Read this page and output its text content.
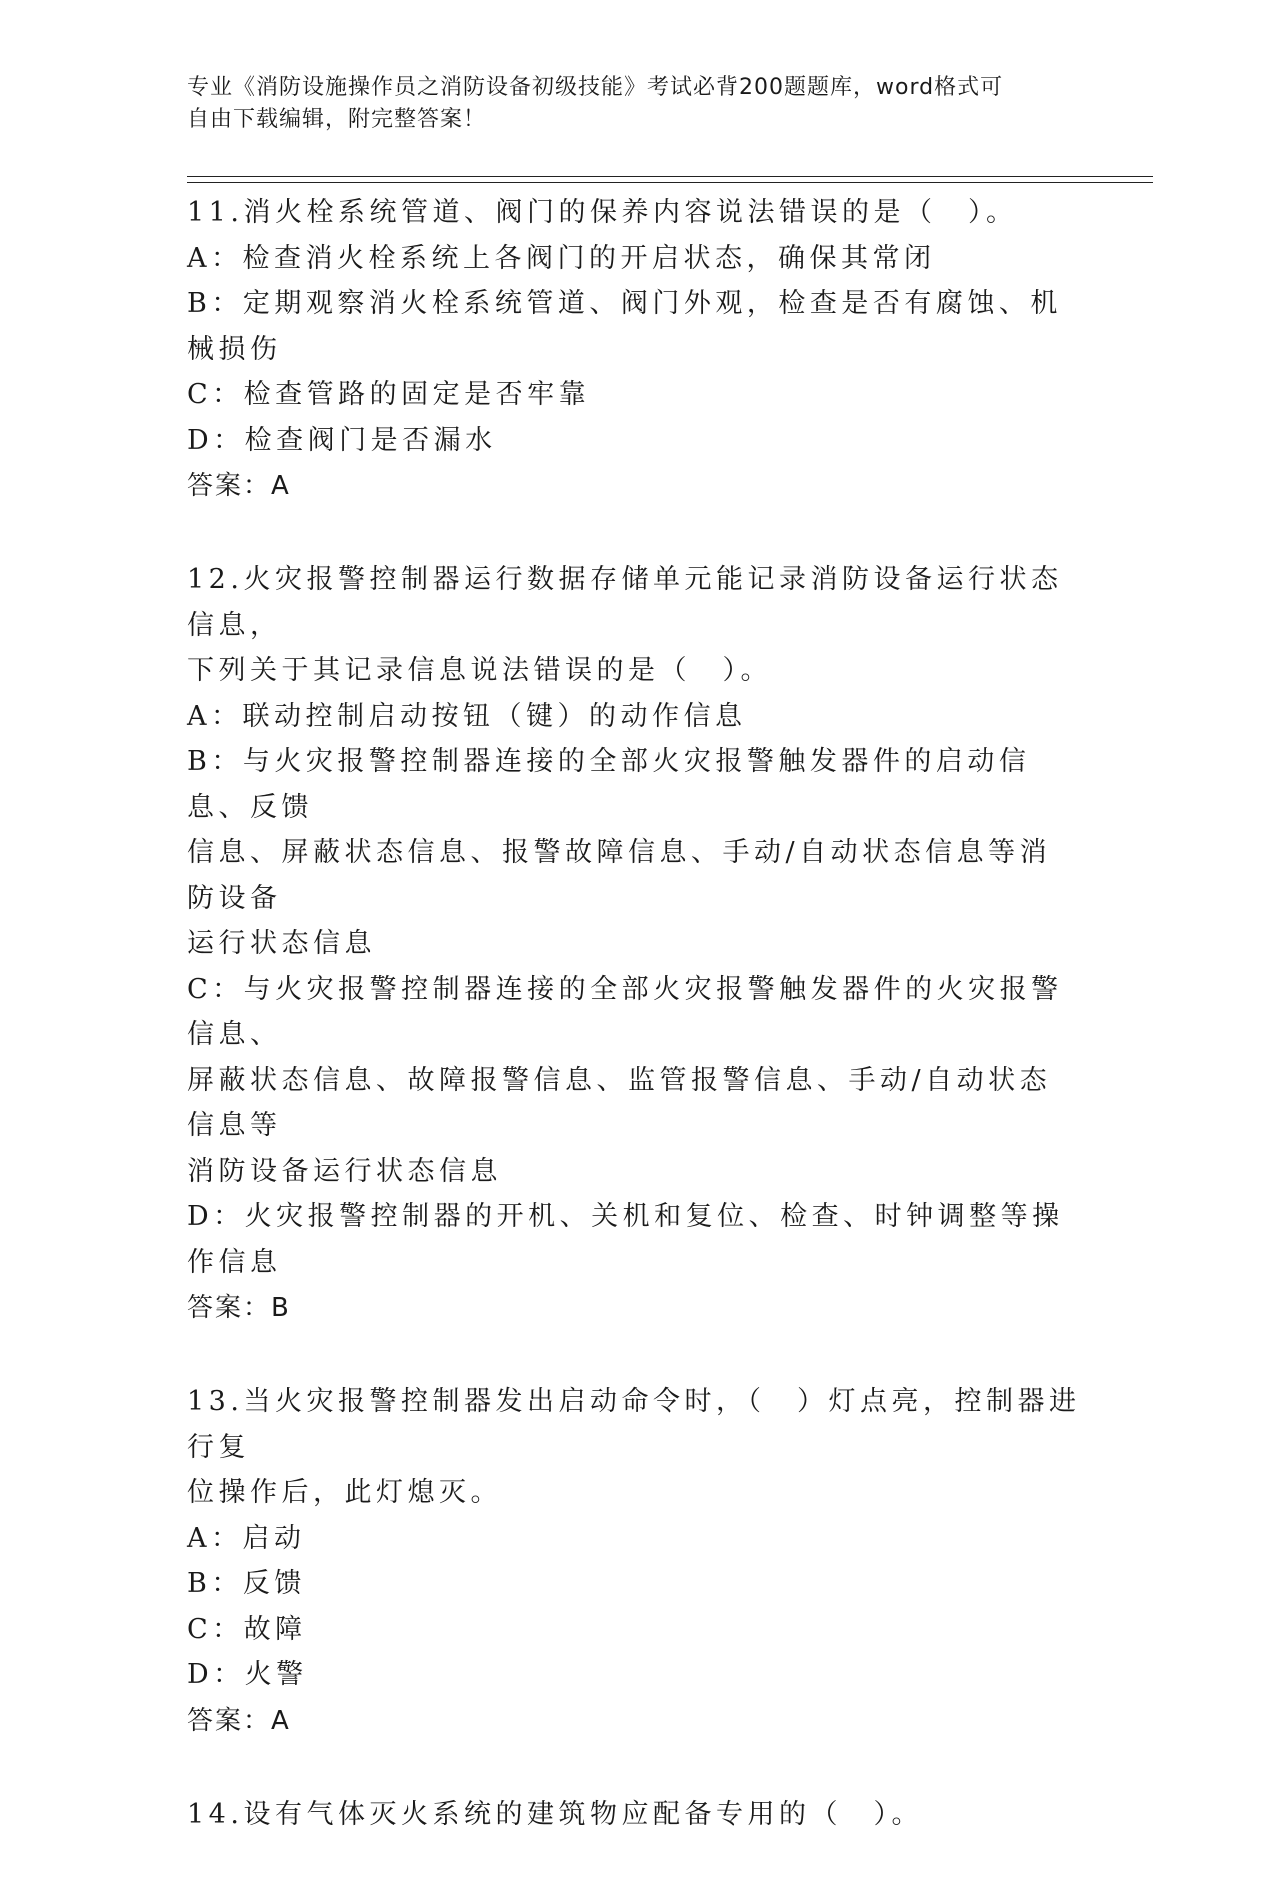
专业《消防设施操作员之消防设备初级技能》考试必背200题题库，word格式可
自由下载编辑，附完整答案！

11.消火栓系统管道、阀门的保养内容说法错误的是（　）。

A：检查消火栓系统上各阀门的开启状态，确保其常闭

B：定期观察消火栓系统管道、阀门外观，检查是否有腐蚀、机械损伤

C：检查管路的固定是否牢靠

D：检查阀门是否漏水

答案：A

12.火灾报警控制器运行数据存储单元能记录消防设备运行状态信息，

下列关于其记录信息说法错误的是（　）。

A：联动控制启动按钮（键）的动作信息

B：与火灾报警控制器连接的全部火灾报警触发器件的启动信息、反馈

信息、屏蔽状态信息、报警故障信息、手动/自动状态信息等消防设备

运行状态信息

C：与火灾报警控制器连接的全部火灾报警触发器件的火灾报警信息、

屏蔽状态信息、故障报警信息、监管报警信息、手动/自动状态信息等

消防设备运行状态信息

D：火灾报警控制器的开机、关机和复位、检查、时钟调整等操作信息

答案：B

13.当火灾报警控制器发出启动命令时，（　）灯点亮，控制器进行复

位操作后，此灯熄灭。

A：启动

B：反馈

C：故障

D：火警

答案：A

14.设有气体灭火系统的建筑物应配备专用的（　）。
